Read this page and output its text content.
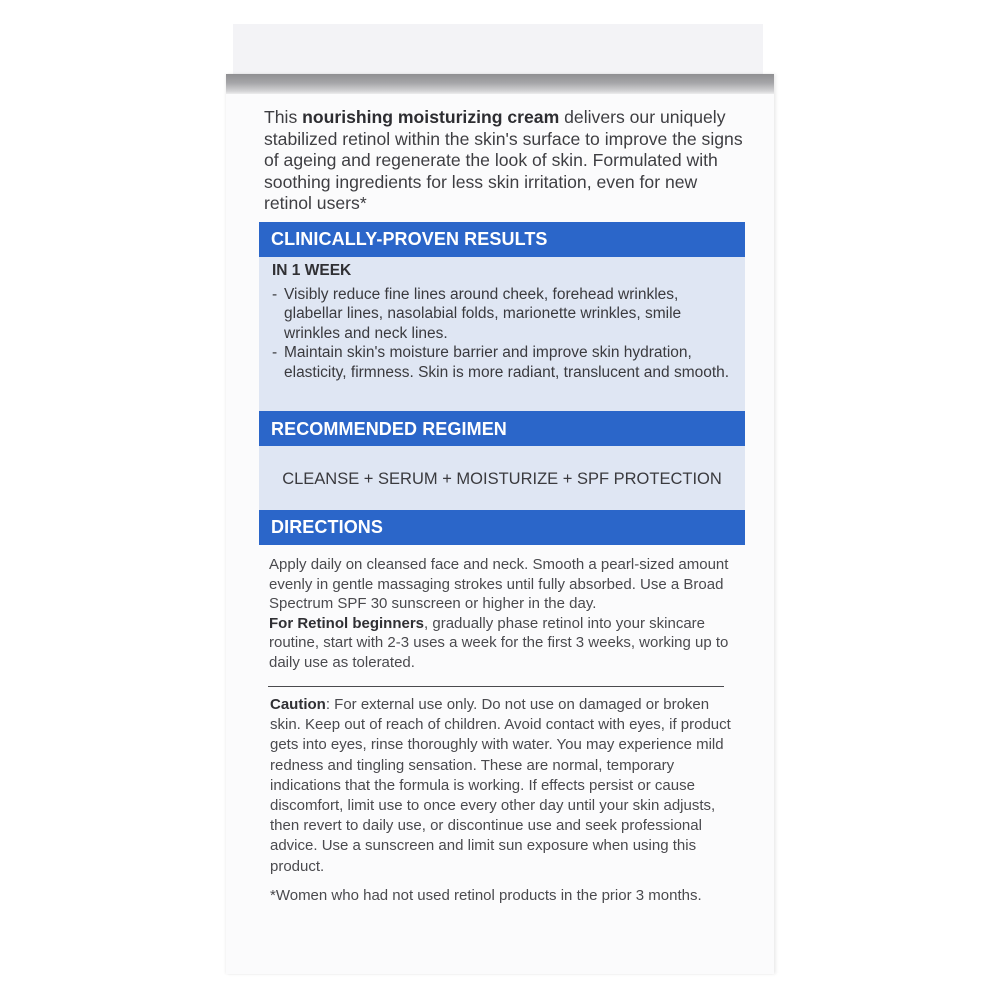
This nourishing moisturizing cream delivers our uniquely stabilized retinol within the skin's surface to improve the signs of ageing and regenerate the look of skin. Formulated with soothing ingredients for less skin irritation, even for new retinol users*
CLINICALLY-PROVEN RESULTS
IN 1 WEEK
- Visibly reduce fine lines around cheek, forehead wrinkles, glabellar lines, nasolabial folds, marionette wrinkles, smile wrinkles and neck lines.
- Maintain skin's moisture barrier and improve skin hydration, elasticity, firmness. Skin is more radiant, translucent and smooth.
RECOMMENDED REGIMEN
CLEANSE + SERUM + MOISTURIZE + SPF PROTECTION
DIRECTIONS
Apply daily on cleansed face and neck. Smooth a pearl-sized amount evenly in gentle massaging strokes until fully absorbed. Use a Broad Spectrum SPF 30 sunscreen or higher in the day.
For Retinol beginners, gradually phase retinol into your skincare routine, start with 2-3 uses a week for the first 3 weeks, working up to daily use as tolerated.
Caution: For external use only. Do not use on damaged or broken skin. Keep out of reach of children. Avoid contact with eyes, if product gets into eyes, rinse thoroughly with water. You may experience mild redness and tingling sensation. These are normal, temporary indications that the formula is working. If effects persist or cause discomfort, limit use to once every other day until your skin adjusts, then revert to daily use, or discontinue use and seek professional advice. Use a sunscreen and limit sun exposure when using this product.
*Women who had not used retinol products in the prior 3 months.
